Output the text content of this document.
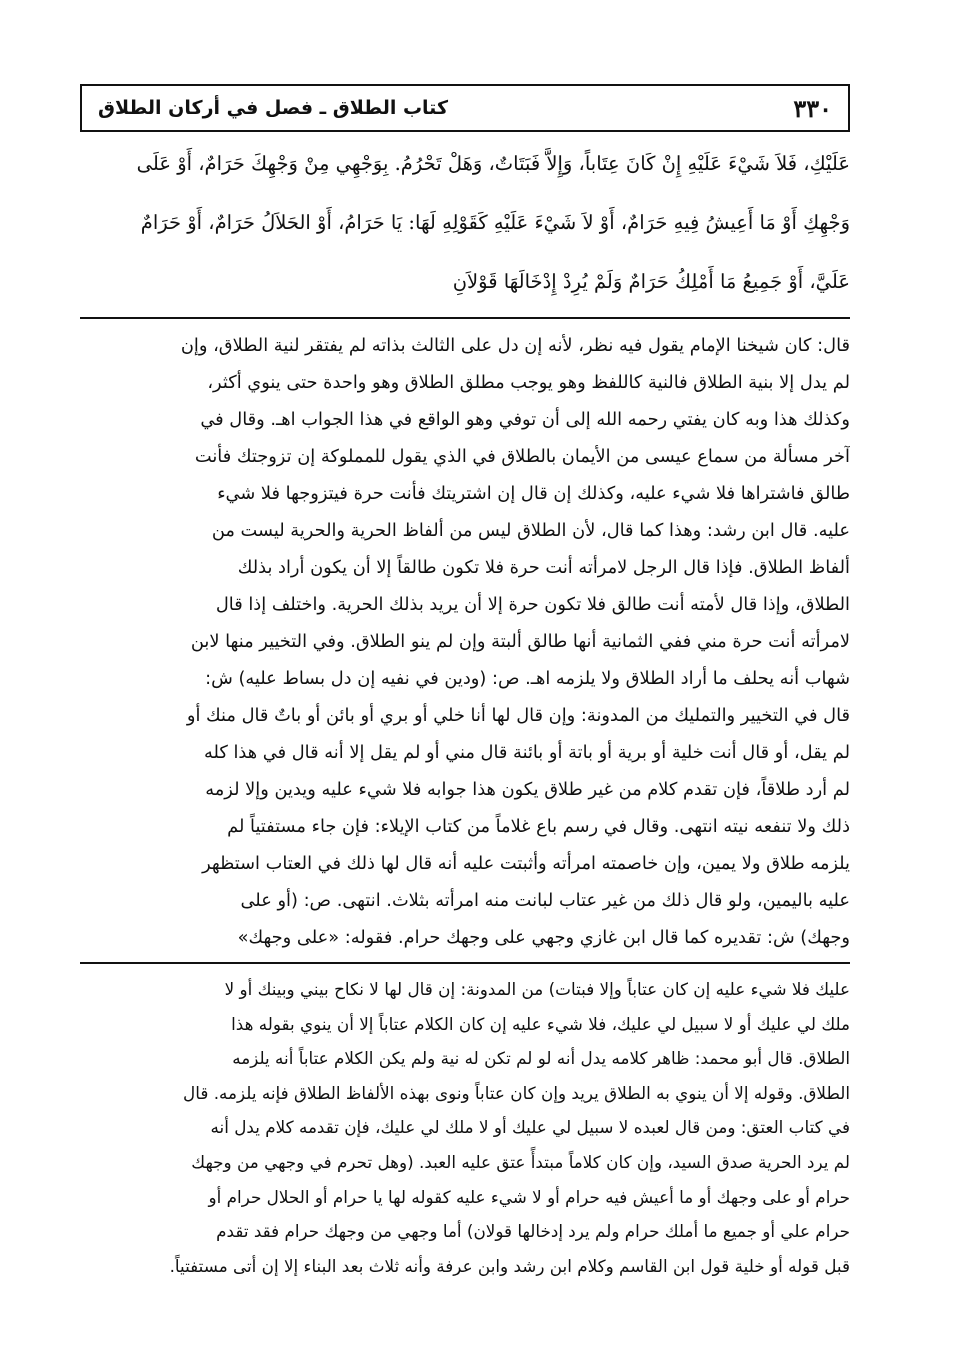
٣٣٠
كتاب الطلاق ـ فصل في أركان الطلاق

عَلَيْكِ، فَلاَ شَيْءَ عَلَيْهِ إِنْ كَانَ عِتَاباً، وَإِلاَّ فَبَتَاتٌ، وَهَلْ تَحْرُمُ. بِوَجْهِي مِنْ وَجْهِكَ حَرَامٌ، أَوْ عَلَى

وَجْهِكِ أَوْ مَا أَعِيشُ فِيهِ حَرَامٌ، أَوْ لاَ شَيْءَ عَلَيْهِ كَقَوْلِهِ لَهَا: يَا حَرَامُ، أَوْ الحَلاَلُ حَرَامٌ، أَوْ حَرَامٌ

عَلَيَّ، أَوْ جَمِيعُ مَا أَمْلِكُ حَرَامٌ وَلَمْ يُرِدْ إِدْخَالَهَا قَوْلاَنِ

قال: كان شيخنا الإمام يقول فيه نظر، لأنه إن دل على الثالث بذاته لم يفتقر لنية الطلاق، وإن

لم يدل إلا بنية الطلاق فالنية كاللفظ وهو يوجب مطلق الطلاق وهو واحدة حتى ينوي أكثر،

وكذلك هذا وبه كان يفتي رحمه الله إلى أن توفي وهو الواقع في هذا الجواب اهـ. وقال في

آخر مسألة من سماع عيسى من الأيمان بالطلاق في الذي يقول للمملوكة إن تزوجتك فأنت

طالق فاشتراها فلا شيء عليه، وكذلك إن قال إن اشتريتك فأنت حرة فيتزوجها فلا شيء

عليه. قال ابن رشد: وهذا كما قال، لأن الطلاق ليس من ألفاظ الحرية والحرية ليست من

ألفاظ الطلاق. فإذا قال الرجل لامرأته أنت حرة فلا تكون طالقاً إلا أن يكون أراد بذلك

الطلاق، وإذا قال لأمته أنت طالق فلا تكون حرة إلا أن يريد بذلك الحرية. واختلف إذا قال

لامرأته أنت حرة مني ففي الثمانية أنها طالق ألبتة وإن لم ينو الطلاق. وفي التخيير منها لابن

شهاب أنه يحلف ما أراد الطلاق ولا يلزمه اهـ. ص: (ودين في نفيه إن دل بساط عليه) ش:

قال في التخيير والتمليك من المدونة: وإن قال لها أنا خلي أو بري أو بائن أو باتٌ قال منك أو

لم يقل، أو قال أنت خلية أو برية أو باتة أو بائنة قال مني أو لم يقل إلا أنه قال في هذا كله

لم أرد طلاقاً، فإن تقدم كلام من غير طلاق يكون هذا جوابه فلا شيء عليه ويدين وإلا لزمه

ذلك ولا تنفعه نيته انتهى. وقال في رسم باع غلاماً من كتاب الإيلاء: فإن جاء مستفتياً لم

يلزمه طلاق ولا يمين، وإن خاصمته امرأته وأثبتت عليه أنه قال لها ذلك في العتاب استظهر

عليه باليمين، ولو قال ذلك من غير عتاب لبانت منه امرأته بثلاث. انتهى. ص: (أو على

وجهك) ش: تقديره كما قال ابن غازي وجهي على وجهك حرام. فقوله: «على وجهك»

عليك فلا شيء عليه إن كان عتاباً وإلا فبتات) من المدونة: إن قال لها لا نكاح بيني وبينك أو لا

ملك لي عليك أو لا سبيل لي عليك، فلا شيء عليه إن كان الكلام عتاباً إلا أن ينوي بقوله هذا

الطلاق. قال أبو محمد: ظاهر كلامه يدل أنه لو لم تكن له نية ولم يكن الكلام عتاباً أنه يلزمه

الطلاق. وقوله إلا أن ينوي به الطلاق يريد وإن كان عتاباً ونوى بهذه الألفاظ الطلاق فإنه يلزمه. قال

في كتاب العتق: ومن قال لعبده لا سبيل لي عليك أو لا ملك لي عليك، فإن تقدمه كلام يدل أنه

لم يرد الحرية صدق السيد، وإن كان كلاماً مبتدأً عتق عليه العبد. (وهل تحرم في وجهي من وجهك

حرام أو على وجهك أو ما أعيش فيه حرام أو لا شيء عليه كقوله لها يا حرام أو الحلال حرام أو

حرام علي أو جميع ما أملك حرام ولم يرد إدخالها قولان) أما وجهي من وجهك حرام فقد تقدم

قبل قوله أو خلية قول ابن القاسم وكلام ابن رشد وابن عرفة وأنه ثلاث بعد البناء إلا إن أتى مستفتياً.
